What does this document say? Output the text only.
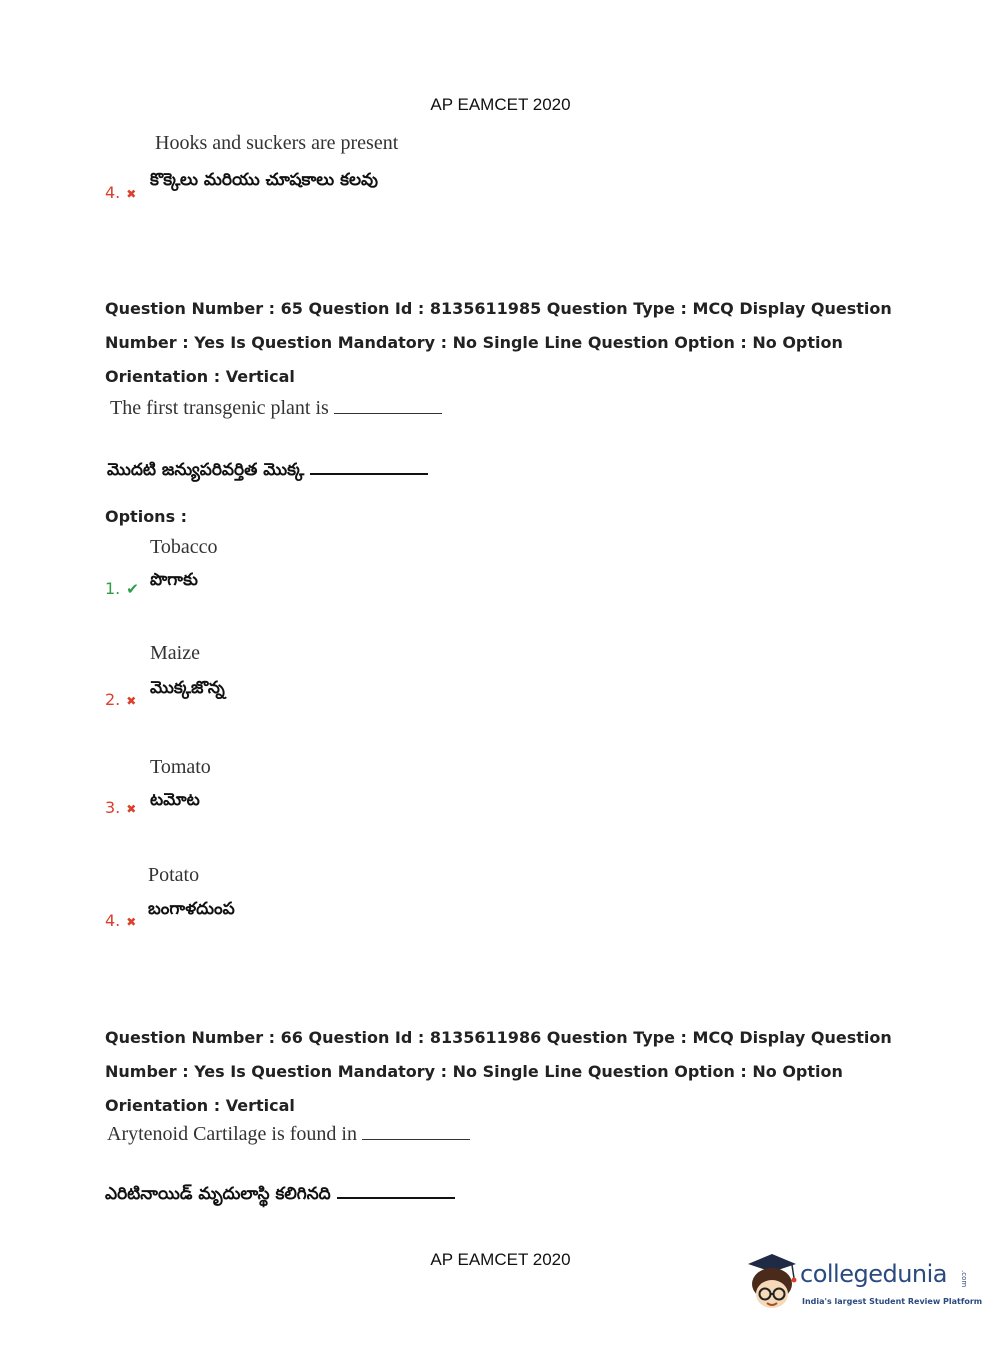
AP EAMCET 2020
Hooks and suckers are present
కొక్కెలు మరియు చూషకాలు కలవు
4. ✖
Question Number : 65 Question Id : 8135611985 Question Type : MCQ Display Question
Number : Yes Is Question Mandatory : No Single Line Question Option : No Option
Orientation : Vertical
The first transgenic plant is
మొదటి జన్యుపరివర్తిత మొక్క
Options :
Tobacco
పొగాకు
1. ✔
Maize
మొక్కజొన్న
2. ✖
Tomato
టమోట
3. ✖
Potato
బంగాళదుంప
4. ✖
Question Number : 66 Question Id : 8135611986 Question Type : MCQ Display Question
Number : Yes Is Question Mandatory : No Single Line Question Option : No Option
Orientation : Vertical
Arytenoid Cartilage is found in
ఎరిటినాయిడ్ మృదులాస్థి కలిగినది
AP EAMCET 2020
collegedunia .com
India's largest Student Review Platform
